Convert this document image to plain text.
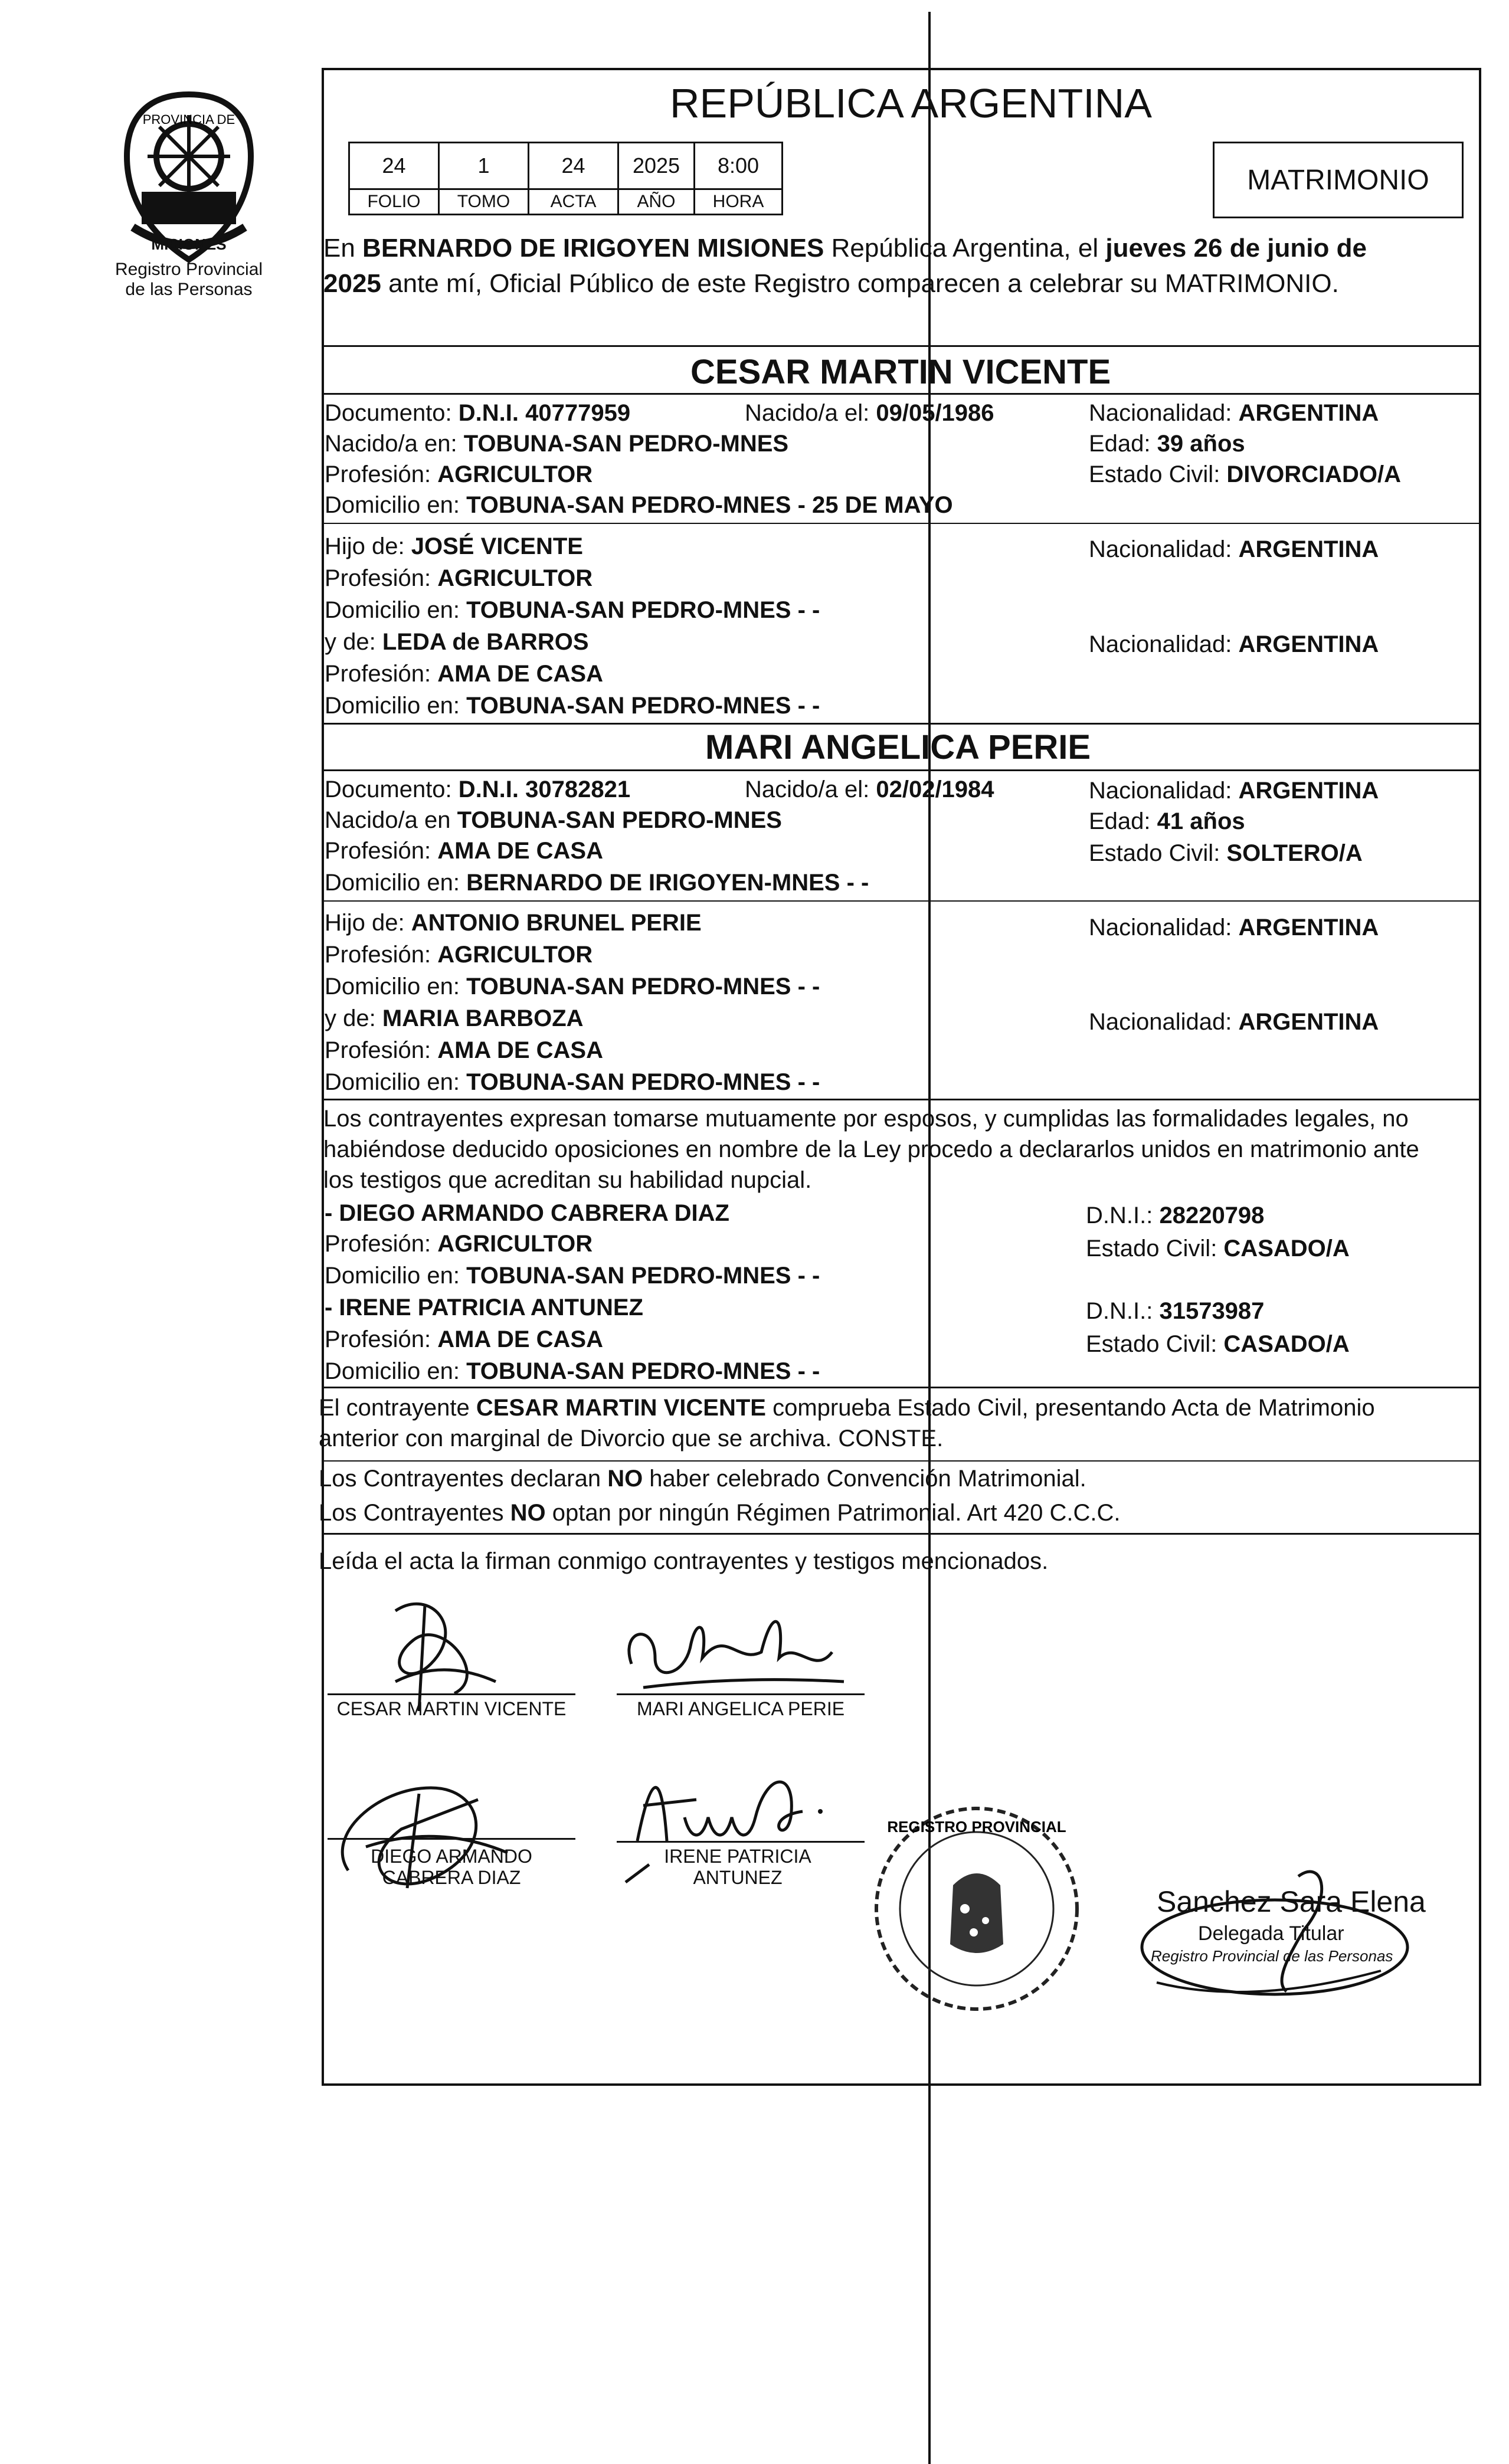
PROVINCIA DE
MISIONES
Registro Provincial
de las Personas
REPÚBLICA ARGENTINA
24	1	24	2025	8:00
FOLIO	TOMO	ACTA	AÑO	HORA
MATRIMONIO
En BERNARDO DE IRIGOYEN MISIONES República Argentina, el jueves 26 de junio de
2025 ante mí, Oficial Público de este Registro comparecen a celebrar su MATRIMONIO.
CESAR MARTIN VICENTE
Documento: D.N.I. 40777959	Nacido/a el: 09/05/1986	Nacionalidad: ARGENTINA
Nacido/a en: TOBUNA-SAN PEDRO-MNES	Edad: 39 años
Profesión: AGRICULTOR	Estado Civil: DIVORCIADO/A
Domicilio en: TOBUNA-SAN PEDRO-MNES - 25 DE MAYO
Hijo de: JOSÉ VICENTE	Nacionalidad: ARGENTINA
Profesión: AGRICULTOR
Domicilio en: TOBUNA-SAN PEDRO-MNES - -
y de: LEDA de BARROS	Nacionalidad: ARGENTINA
Profesión: AMA DE CASA
Domicilio en: TOBUNA-SAN PEDRO-MNES - -
MARI ANGELICA PERIE
Documento: D.N.I. 30782821	Nacido/a el: 02/02/1984	Nacionalidad: ARGENTINA
Nacido/a en TOBUNA-SAN PEDRO-MNES	Edad: 41 años
Profesión: AMA DE CASA	Estado Civil: SOLTERO/A
Domicilio en: BERNARDO DE IRIGOYEN-MNES - -
Hijo de: ANTONIO BRUNEL PERIE	Nacionalidad: ARGENTINA
Profesión: AGRICULTOR
Domicilio en: TOBUNA-SAN PEDRO-MNES - -
y de: MARIA BARBOZA	Nacionalidad: ARGENTINA
Profesión: AMA DE CASA
Domicilio en: TOBUNA-SAN PEDRO-MNES - -
Los contrayentes expresan tomarse mutuamente por esposos, y cumplidas las formalidades legales, no
habiéndose deducido oposiciones en nombre de la Ley procedo a declararlos unidos en matrimonio ante
los testigos que acreditan su habilidad nupcial.
- DIEGO ARMANDO CABRERA DIAZ	D.N.I.: 28220798
Profesión: AGRICULTOR	Estado Civil: CASADO/A
Domicilio en: TOBUNA-SAN PEDRO-MNES - -
- IRENE PATRICIA ANTUNEZ	D.N.I.: 31573987
Profesión: AMA DE CASA	Estado Civil: CASADO/A
Domicilio en: TOBUNA-SAN PEDRO-MNES - -
El contrayente CESAR MARTIN VICENTE comprueba Estado Civil, presentando Acta de Matrimonio
anterior con marginal de Divorcio que se archiva. CONSTE.
Los Contrayentes declaran NO haber celebrado Convención Matrimonial.
Los Contrayentes NO optan por ningún Régimen Patrimonial. Art 420 C.C.C.
Leída el acta la firman conmigo contrayentes y testigos mencionados.
CESAR MARTIN VICENTE	MARI ANGELICA PERIE
DIEGO ARMANDO
CABRERA DIAZ
IRENE PATRICIA
ANTUNEZ
REGISTRO PROVINCIAL
Sanchez Sara Elena
Delegada Titular
Registro Provincial de las Personas
